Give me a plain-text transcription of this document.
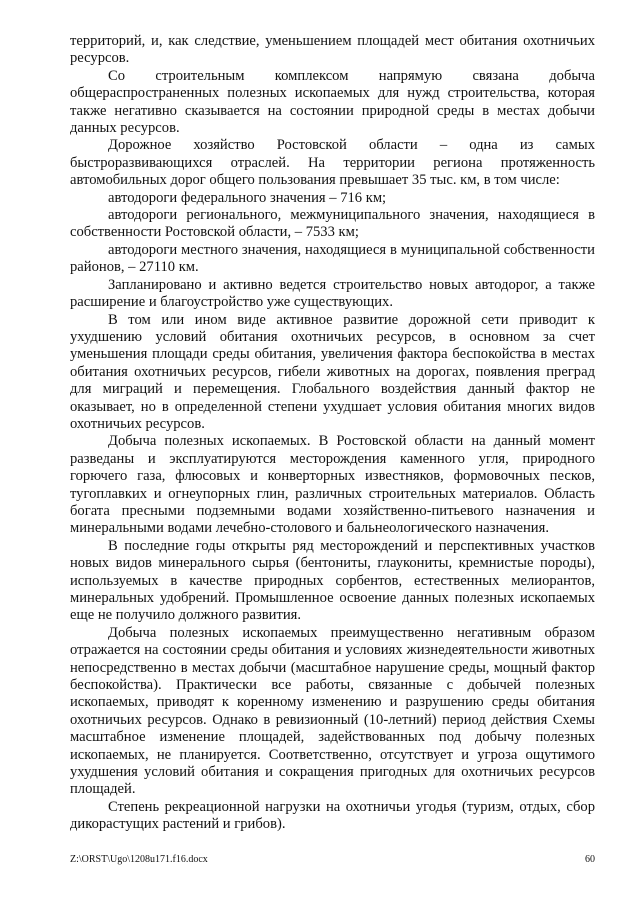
территорий, и, как следствие, уменьшением площадей мест обитания охотничьих ресурсов.

Со строительным комплексом напрямую связана добыча общераспространенных полезных ископаемых для нужд строительства, которая также негативно сказывается на состоянии природной среды в местах добычи данных ресурсов.

Дорожное хозяйство Ростовской области – одна из самых быстроразвивающихся отраслей. На территории региона протяженность автомобильных дорог общего пользования превышает 35 тыс. км, в том числе:

автодороги федерального значения – 716 км;

автодороги регионального, межмуниципального значения, находящиеся в собственности Ростовской области, – 7533 км;

автодороги местного значения, находящиеся в муниципальной собственности районов, – 27110 км.

Запланировано и активно ведется строительство новых автодорог, а также расширение и благоустройство уже существующих.

В том или ином виде активное развитие дорожной сети приводит к ухудшению условий обитания охотничьих ресурсов, в основном за счет уменьшения площади среды обитания, увеличения фактора беспокойства в местах обитания охотничьих ресурсов, гибели животных на дорогах, появления преград для миграций и перемещения. Глобального воздействия данный фактор не оказывает, но в определенной степени ухудшает условия обитания многих видов охотничьих ресурсов.

Добыча полезных ископаемых. В Ростовской области на данный момент разведаны и эксплуатируются месторождения каменного угля, природного горючего газа, флюсовых и конверторных известняков, формовочных песков, тугоплавких и огнеупорных глин, различных строительных материалов. Область богата пресными подземными водами хозяйственно-питьевого назначения и минеральными водами лечебно-столового и бальнеологического назначения.

В последние годы открыты ряд месторождений и перспективных участков новых видов минерального сырья (бентониты, глаукониты, кремнистые породы), используемых в качестве природных сорбентов, естественных мелиорантов, минеральных удобрений. Промышленное освоение данных полезных ископаемых еще не получило должного развития.

Добыча полезных ископаемых преимущественно негативным образом отражается на состоянии среды обитания и условиях жизнедеятельности животных непосредственно в местах добычи (масштабное нарушение среды, мощный фактор беспокойства). Практически все работы, связанные с добычей полезных ископаемых, приводят к коренному изменению и разрушению среды обитания охотничьих ресурсов. Однако в ревизионный (10-летний) период действия Схемы масштабное изменение площадей, задействованных под добычу полезных ископаемых, не планируется. Соответственно, отсутствует и угроза ощутимого ухудшения условий обитания и сокращения пригодных для охотничьих ресурсов площадей.

Степень рекреационной нагрузки на охотничьи угодья (туризм, отдых, сбор дикорастущих растений и грибов).

Z:\ORST\Ugo\1208u171.f16.docx	60
